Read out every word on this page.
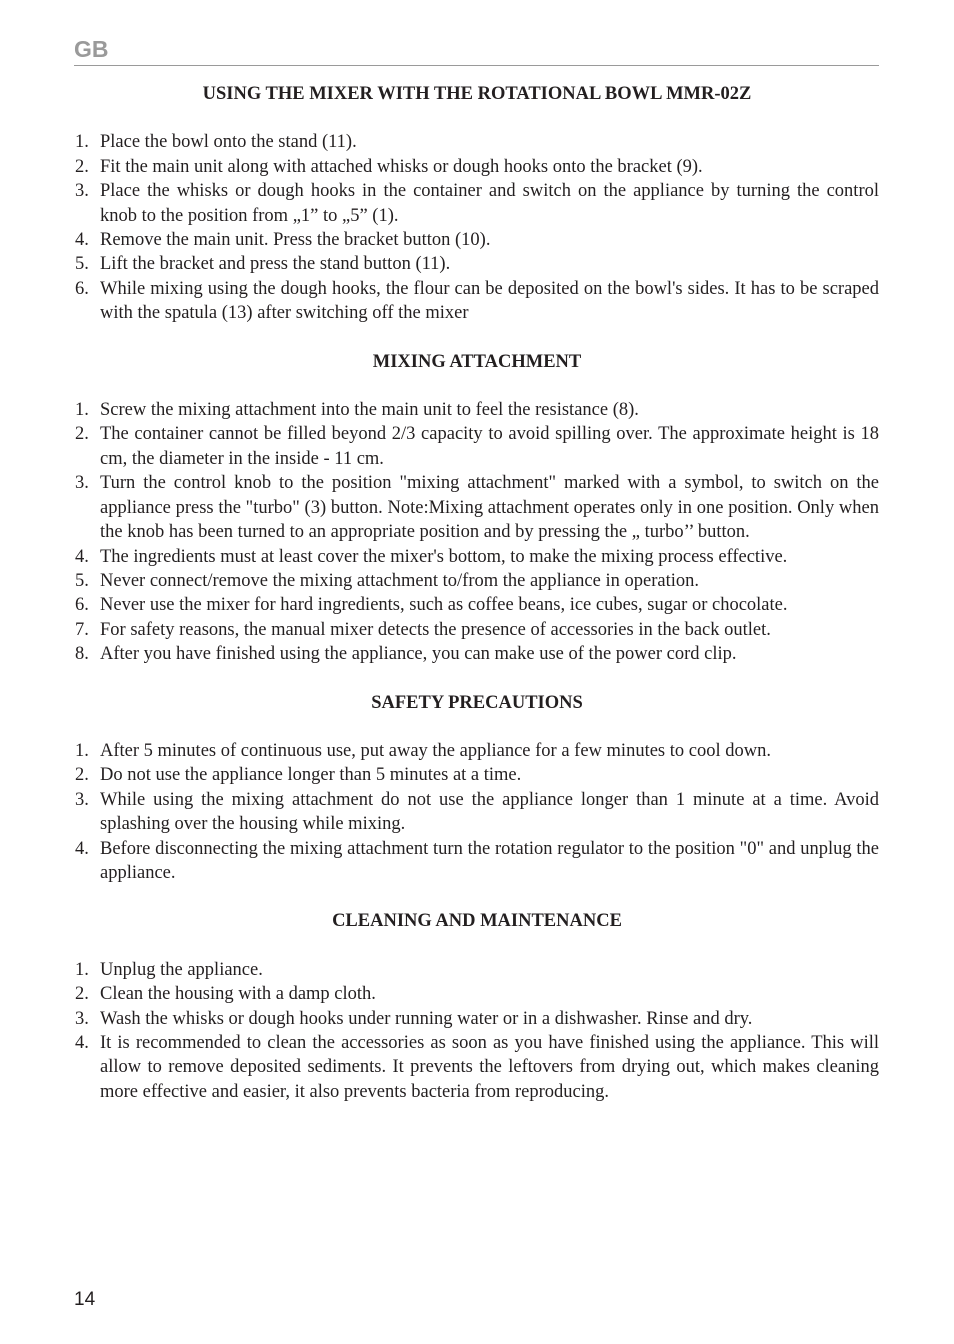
GB
USING THE MIXER WITH THE ROTATIONAL BOWL MMR-02Z
1. Place the bowl onto the stand (11).
2. Fit the main unit along with attached whisks or dough hooks onto the bracket (9).
3. Place the whisks or dough hooks in the container and switch on the appliance by turning the control knob to the position from „1” to „5” (1).
4. Remove the main unit. Press the bracket button (10).
5. Lift the bracket and press the stand button (11).
6. While mixing using the dough hooks, the flour can be deposited on the bowl's sides. It has to be scraped with the spatula (13) after switching off the mixer
MIXING ATTACHMENT
1. Screw the mixing attachment into the main unit to feel the resistance (8).
2. The container cannot be filled beyond 2/3 capacity to avoid spilling over. The approximate height is 18 cm, the diameter in the inside - 11 cm.
3. Turn the control knob to the position "mixing attachment" marked with a symbol, to switch on the appliance press the "turbo" (3) button. Note:Mixing attachment operates only in one position. Only when the knob has been turned to an appropriate position and by pressing the „ turbo’’ button.
4. The ingredients must at least cover the mixer's bottom, to make the mixing process effective.
5. Never connect/remove the mixing attachment to/from the appliance in operation.
6. Never use the mixer for hard ingredients, such as coffee beans, ice cubes, sugar or chocolate.
7. For safety reasons, the manual mixer detects the presence of accessories in the back outlet.
8. After you have finished using the appliance, you can make use of the power cord clip.
SAFETY PRECAUTIONS
1. After 5 minutes of continuous use, put away the appliance for a few minutes to cool down.
2. Do not use the appliance longer than 5 minutes at a time.
3. While using the mixing attachment do not use the appliance longer than 1 minute at a time. Avoid splashing over the housing while mixing.
4. Before disconnecting the mixing attachment turn the rotation regulator to the position "0" and unplug the appliance.
CLEANING AND MAINTENANCE
1. Unplug the appliance.
2. Clean the housing with a damp cloth.
3. Wash the whisks or dough hooks under running water or in a dishwasher. Rinse and dry.
4. It is recommended to clean the accessories as soon as you have finished using the appliance. This will allow to remove deposited sediments. It prevents the leftovers from drying out, which makes cleaning more effective and easier, it also prevents bacteria from reproducing.
14
